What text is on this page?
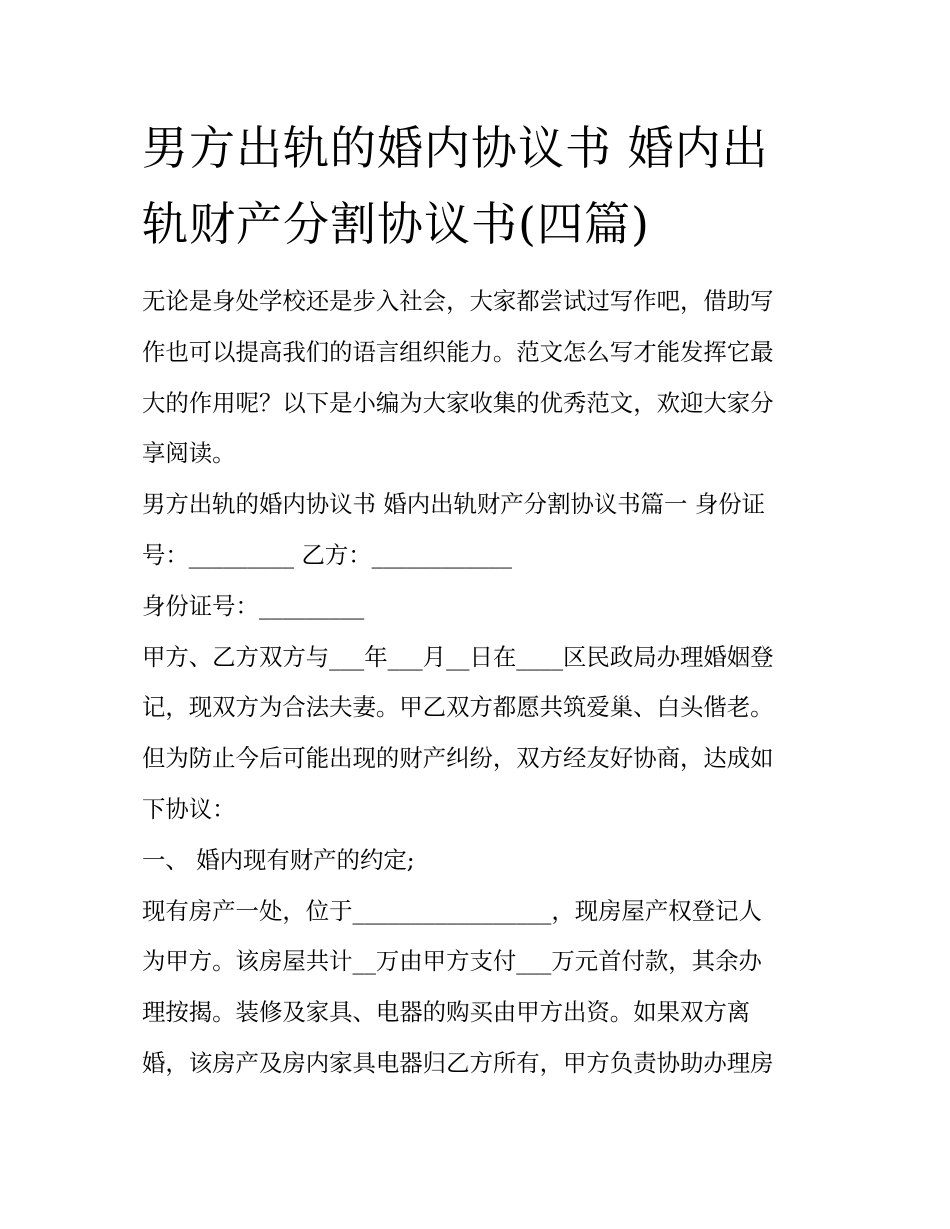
男方出轨的婚内协议书 婚内出
轨财产分割协议书(四篇)
无论是身处学校还是步入社会，大家都尝试过写作吧，借助写
作也可以提高我们的语言组织能力。范文怎么写才能发挥它最
大的作用呢？以下是小编为大家收集的优秀范文，欢迎大家分
享阅读。
男方出轨的婚内协议书 婚内出轨财产分割协议书篇一 身份证
号：_________ 乙方：____________
身份证号：_________
甲方、乙方双方与___年___月__日在____区民政局办理婚姻登
记，现双方为合法夫妻。甲乙双方都愿共筑爱巢、白头偕老。
但为防止今后可能出现的财产纠纷，双方经友好协商，达成如
下协议：
一、 婚内现有财产的约定;
现有房产一处，位于_________________，现房屋产权登记人
为甲方。该房屋共计__万由甲方支付___万元首付款，其余办
理按揭。装修及家具、电器的购买由甲方出资。如果双方离
婚，该房产及房内家具电器归乙方所有，甲方负责协助办理房
